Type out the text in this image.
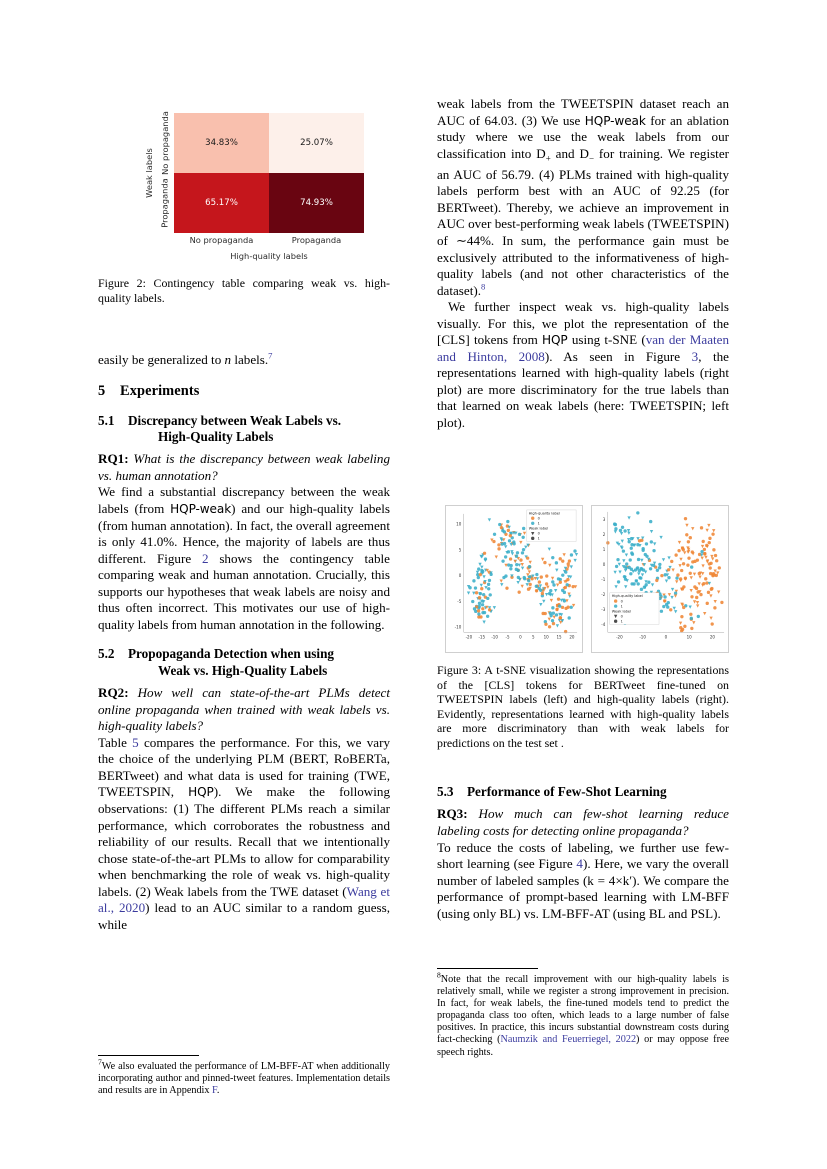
Weak labels No propaganda
Propaganda
34.83%	25.07%
65.17%	74.93%
No propaganda	Propaganda
High-quality labels
Figure 2: Contingency table comparing weak vs. high-quality labels.

easily be generalized to n labels.$^7$

5 Experiments
5.1 Discrepancy between Weak Labels vs.
High-Quality Labels

RQ1: What is the discrepancy between weak labeling vs. human annotation?

We find a substantial discrepancy between the weak labels (from HQP-weak) and our high-quality labels (from human annotation). In fact, the overall agreement is only 41.0%. Hence, the majority of labels are thus different. Figure 2 shows the contingency table comparing weak and human annotation. Crucially, this supports our hypotheses that weak labels are noisy and thus often incorrect. This motivates our use of high-quality labels from human annotation in the following.

5.2 Propopaganda Detection when using
Weak vs. High-Quality Labels

RQ2: How well can state-of-the-art PLMs detect online propaganda when trained with weak labels vs. high-quality labels?

Table 5 compares the performance. For this, we vary the choice of the underlying PLM (BERT, RoBERTa, BERTweet) and what data is used for training (TWE, TWEETSPIN, HQP). We make the following observations: (1) The different PLMs reach a similar performance, which corroborates the robustness and reliability of our results. Recall that we intentionally chose state-of-the-art PLMs to allow for comparability when benchmarking the role of weak vs. high-quality labels. (2) Weak labels from the TWE dataset (Wang et al., 2020) lead to an AUC similar to a random guess, while

$^7$We also evaluated the performance of LM-BFF-AT when additionally incorporating author and pinned-tweet features. Implementation details and results are in Appendix F.

weak labels from the TWEETSPIN dataset reach an AUC of 64.03. (3) We use HQP-weak for an ablation study where we use the weak labels from our classification into $D_+$ and $D_-$ for training. We register an AUC of 56.79. (4) PLMs trained with high-quality labels perform best with an AUC of 92.25 (for BERTweet). Thereby, we achieve an improvement in AUC over best-performing weak labels (TWEETSPIN) of ∼44%. In sum, the performance gain must be exclusively attributed to the informativeness of high-quality labels (and not other characteristics of the dataset).$^8$

We further inspect weak vs. high-quality labels visually. For this, we plot the representation of the [CLS] tokens from HQP using t-SNE (van der Maaten and Hinton, 2008). As seen in Figure 3, the representations learned with high-quality labels (right plot) are more discriminatory for the true labels than that learned on weak labels (here: TWEETSPIN; left plot).

-20 -15 -10 -5 0	5 10 15 20
-10
-5
0
5
10
High-quality label
0
1
Weak label
0
1
-20	-10	0	10	20
-4
-3
-2
-1
0
1
2
3
High-quality label
0
1
Weak label
0
1
Figure 3: A t-SNE visualization showing the representations of the [CLS] tokens for BERTweet fine-tuned on TWEETSPIN labels (left) and high-quality labels (right). Evidently, representations learned with high-quality labels are more discriminatory than with weak labels for predictions on the test set .
5.3 Performance of Few-Shot Learning

RQ3: How much can few-shot learning reduce labeling costs for detecting online propaganda?

To reduce the costs of labeling, we further use few-short learning (see Figure 4). Here, we vary the overall number of labeled samples (k = 4×k′). We compare the performance of prompt-based learning with LM-BFF (using only BL) vs. LM-BFF-AT (using BL and PSL).

$^8$Note that the recall improvement with our high-quality labels is relatively small, while we register a strong improvement in precision. In fact, for weak labels, the fine-tuned models tend to predict the propaganda class too often, which leads to a large number of false positives. In practice, this incurs substantial downstream costs during fact-checking (Naumzik and Feuerriegel, 2022) or may oppose free speech rights.
